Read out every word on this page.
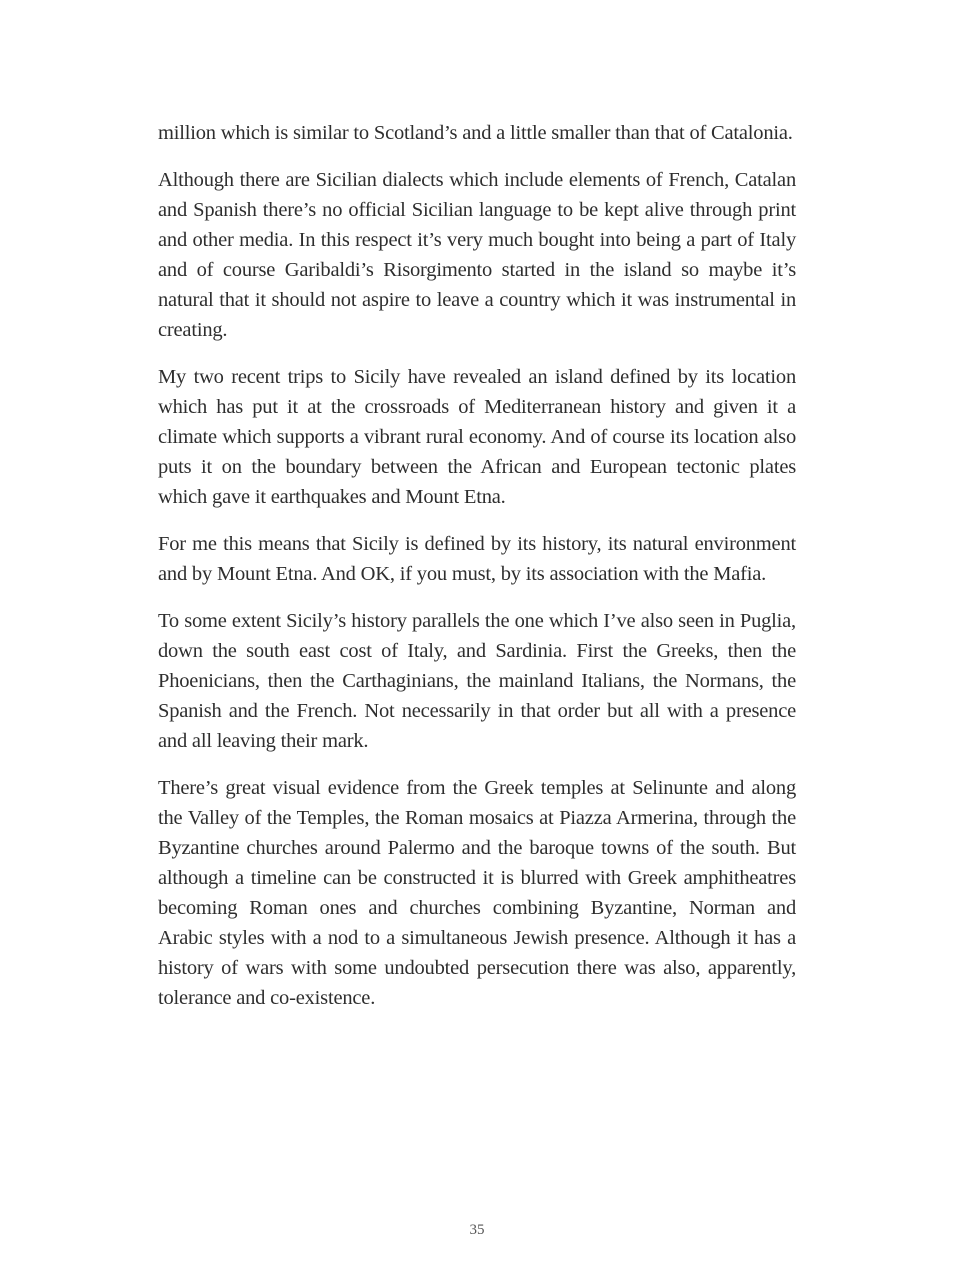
million which is similar to Scotland’s and a little smaller than that of Catalonia.

Although there are Sicilian dialects which include elements of French, Catalan and Spanish there’s no official Sicilian language to be kept alive through print and other media. In this respect it’s very much bought into being a part of Italy and of course Garibaldi’s Risorgimento started in the island so maybe it’s natural that it should not aspire to leave a country which it was instrumental in creating.

My two recent trips to Sicily have revealed an island defined by its location which has put it at the crossroads of Mediterranean history and given it a climate which supports a vibrant rural economy. And of course its location also puts it on the boundary between the African and European tectonic plates which gave it earthquakes and Mount Etna.

For me this means that Sicily is defined by its history, its natural environment and by Mount Etna. And OK, if you must, by its association with the Mafia.

To some extent Sicily’s history parallels the one which I’ve also seen in Puglia, down the south east cost of Italy, and Sardinia. First the Greeks, then the Phoenicians, then the Carthaginians, the mainland Italians, the Normans, the Spanish and the French. Not necessarily in that order but all with a presence and all leaving their mark.

There’s great visual evidence from the Greek temples at Selinunte and along the Valley of the Temples, the Roman mosaics at Piazza Armerina, through the Byzantine churches around Palermo and the baroque towns of the south. But although a timeline can be constructed it is blurred with Greek amphitheatres becoming Roman ones and churches combining Byzantine, Norman and Arabic styles with a nod to a simultaneous Jewish presence. Although it has a history of wars with some undoubted persecution there was also, apparently, tolerance and co-existence.

35
